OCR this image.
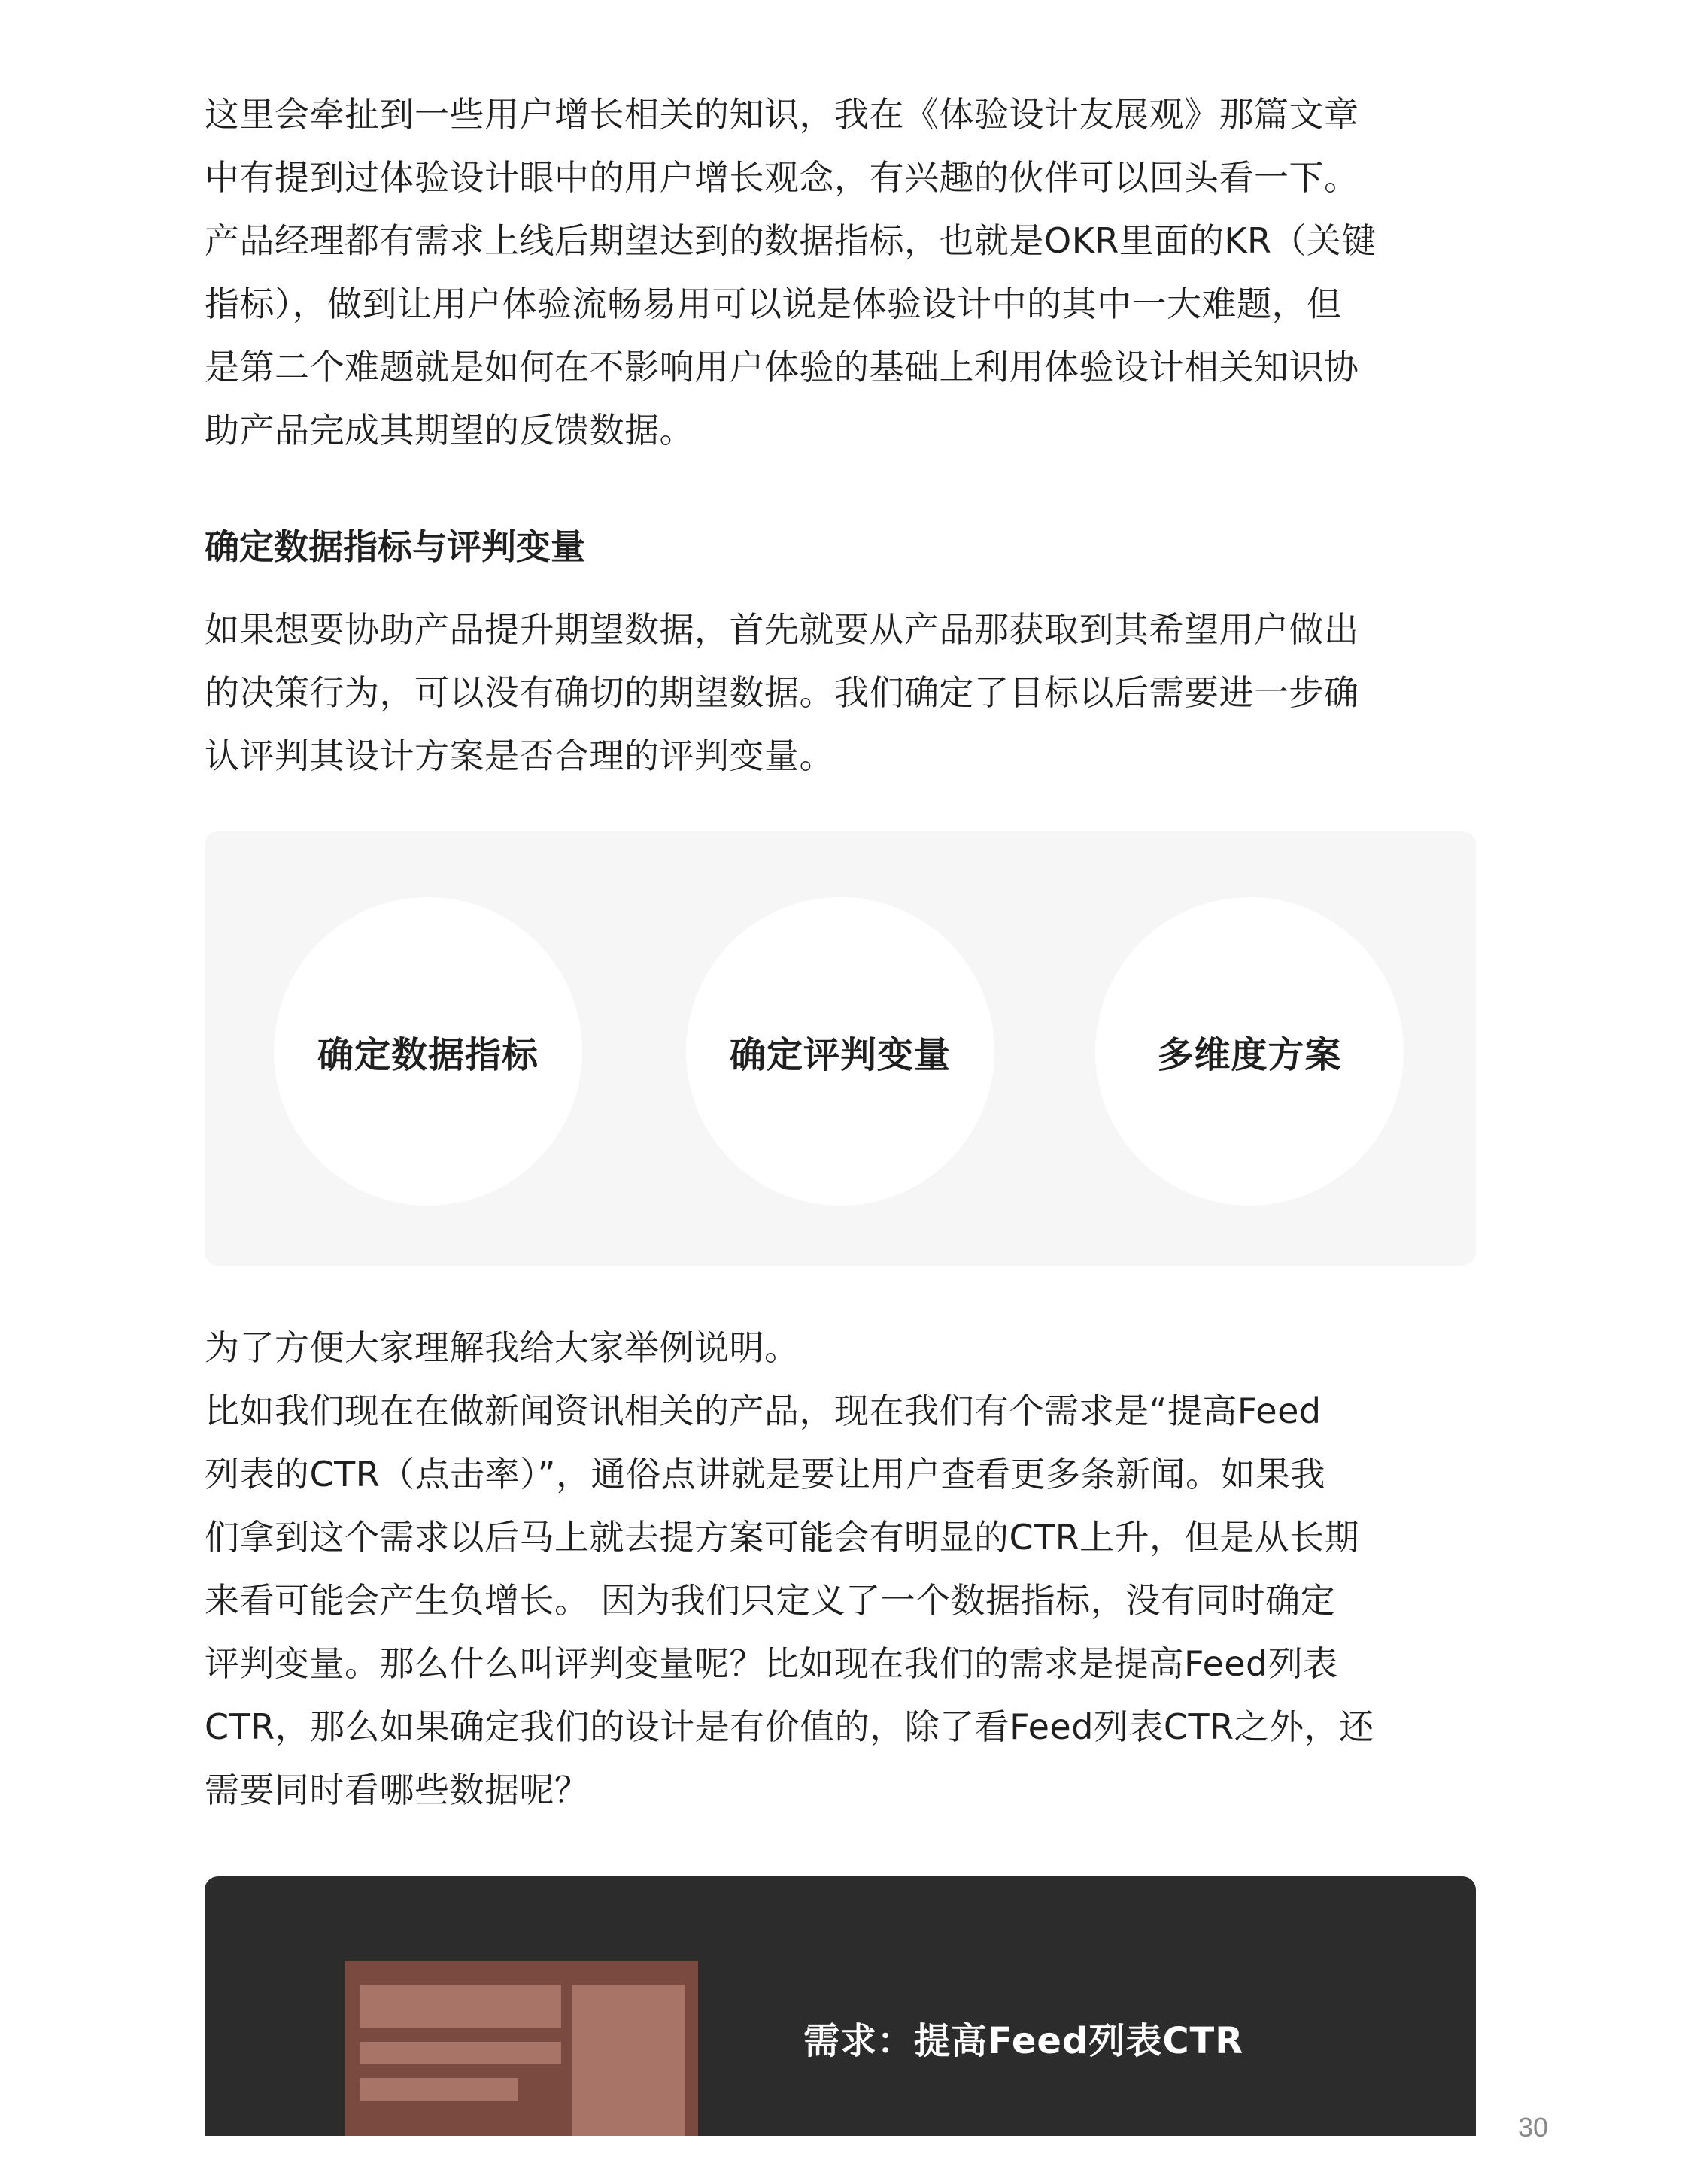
这里会牵扯到一些用户增长相关的知识，我在《体验设计友展观》那篇文章
中有提到过体验设计眼中的用户增长观念，有兴趣的伙伴可以回头看一下。
产品经理都有需求上线后期望达到的数据指标，也就是OKR里面的KR（关键
指标），做到让用户体验流畅易用可以说是体验设计中的其中一大难题，但
是第二个难题就是如何在不影响用户体验的基础上利用体验设计相关知识协
助产品完成其期望的反馈数据。
确定数据指标与评判变量
如果想要协助产品提升期望数据，首先就要从产品那获取到其希望用户做出
的决策行为，可以没有确切的期望数据。我们确定了目标以后需要进一步确
认评判其设计方案是否合理的评判变量。
确定数据指标	确定评判变量	多维度方案
为了方便大家理解我给大家举例说明。
比如我们现在在做新闻资讯相关的产品，现在我们有个需求是“提高Feed
列表的CTR（点击率）”，通俗点讲就是要让用户查看更多条新闻。如果我
们拿到这个需求以后马上就去提方案可能会有明显的CTR上升，但是从长期
来看可能会产生负增长。 因为我们只定义了一个数据指标，没有同时确定
评判变量。那么什么叫评判变量呢？比如现在我们的需求是提高Feed列表
CTR，那么如果确定我们的设计是有价值的，除了看Feed列表CTR之外，还
需要同时看哪些数据呢？
需求：提高Feed列表CTR
30
